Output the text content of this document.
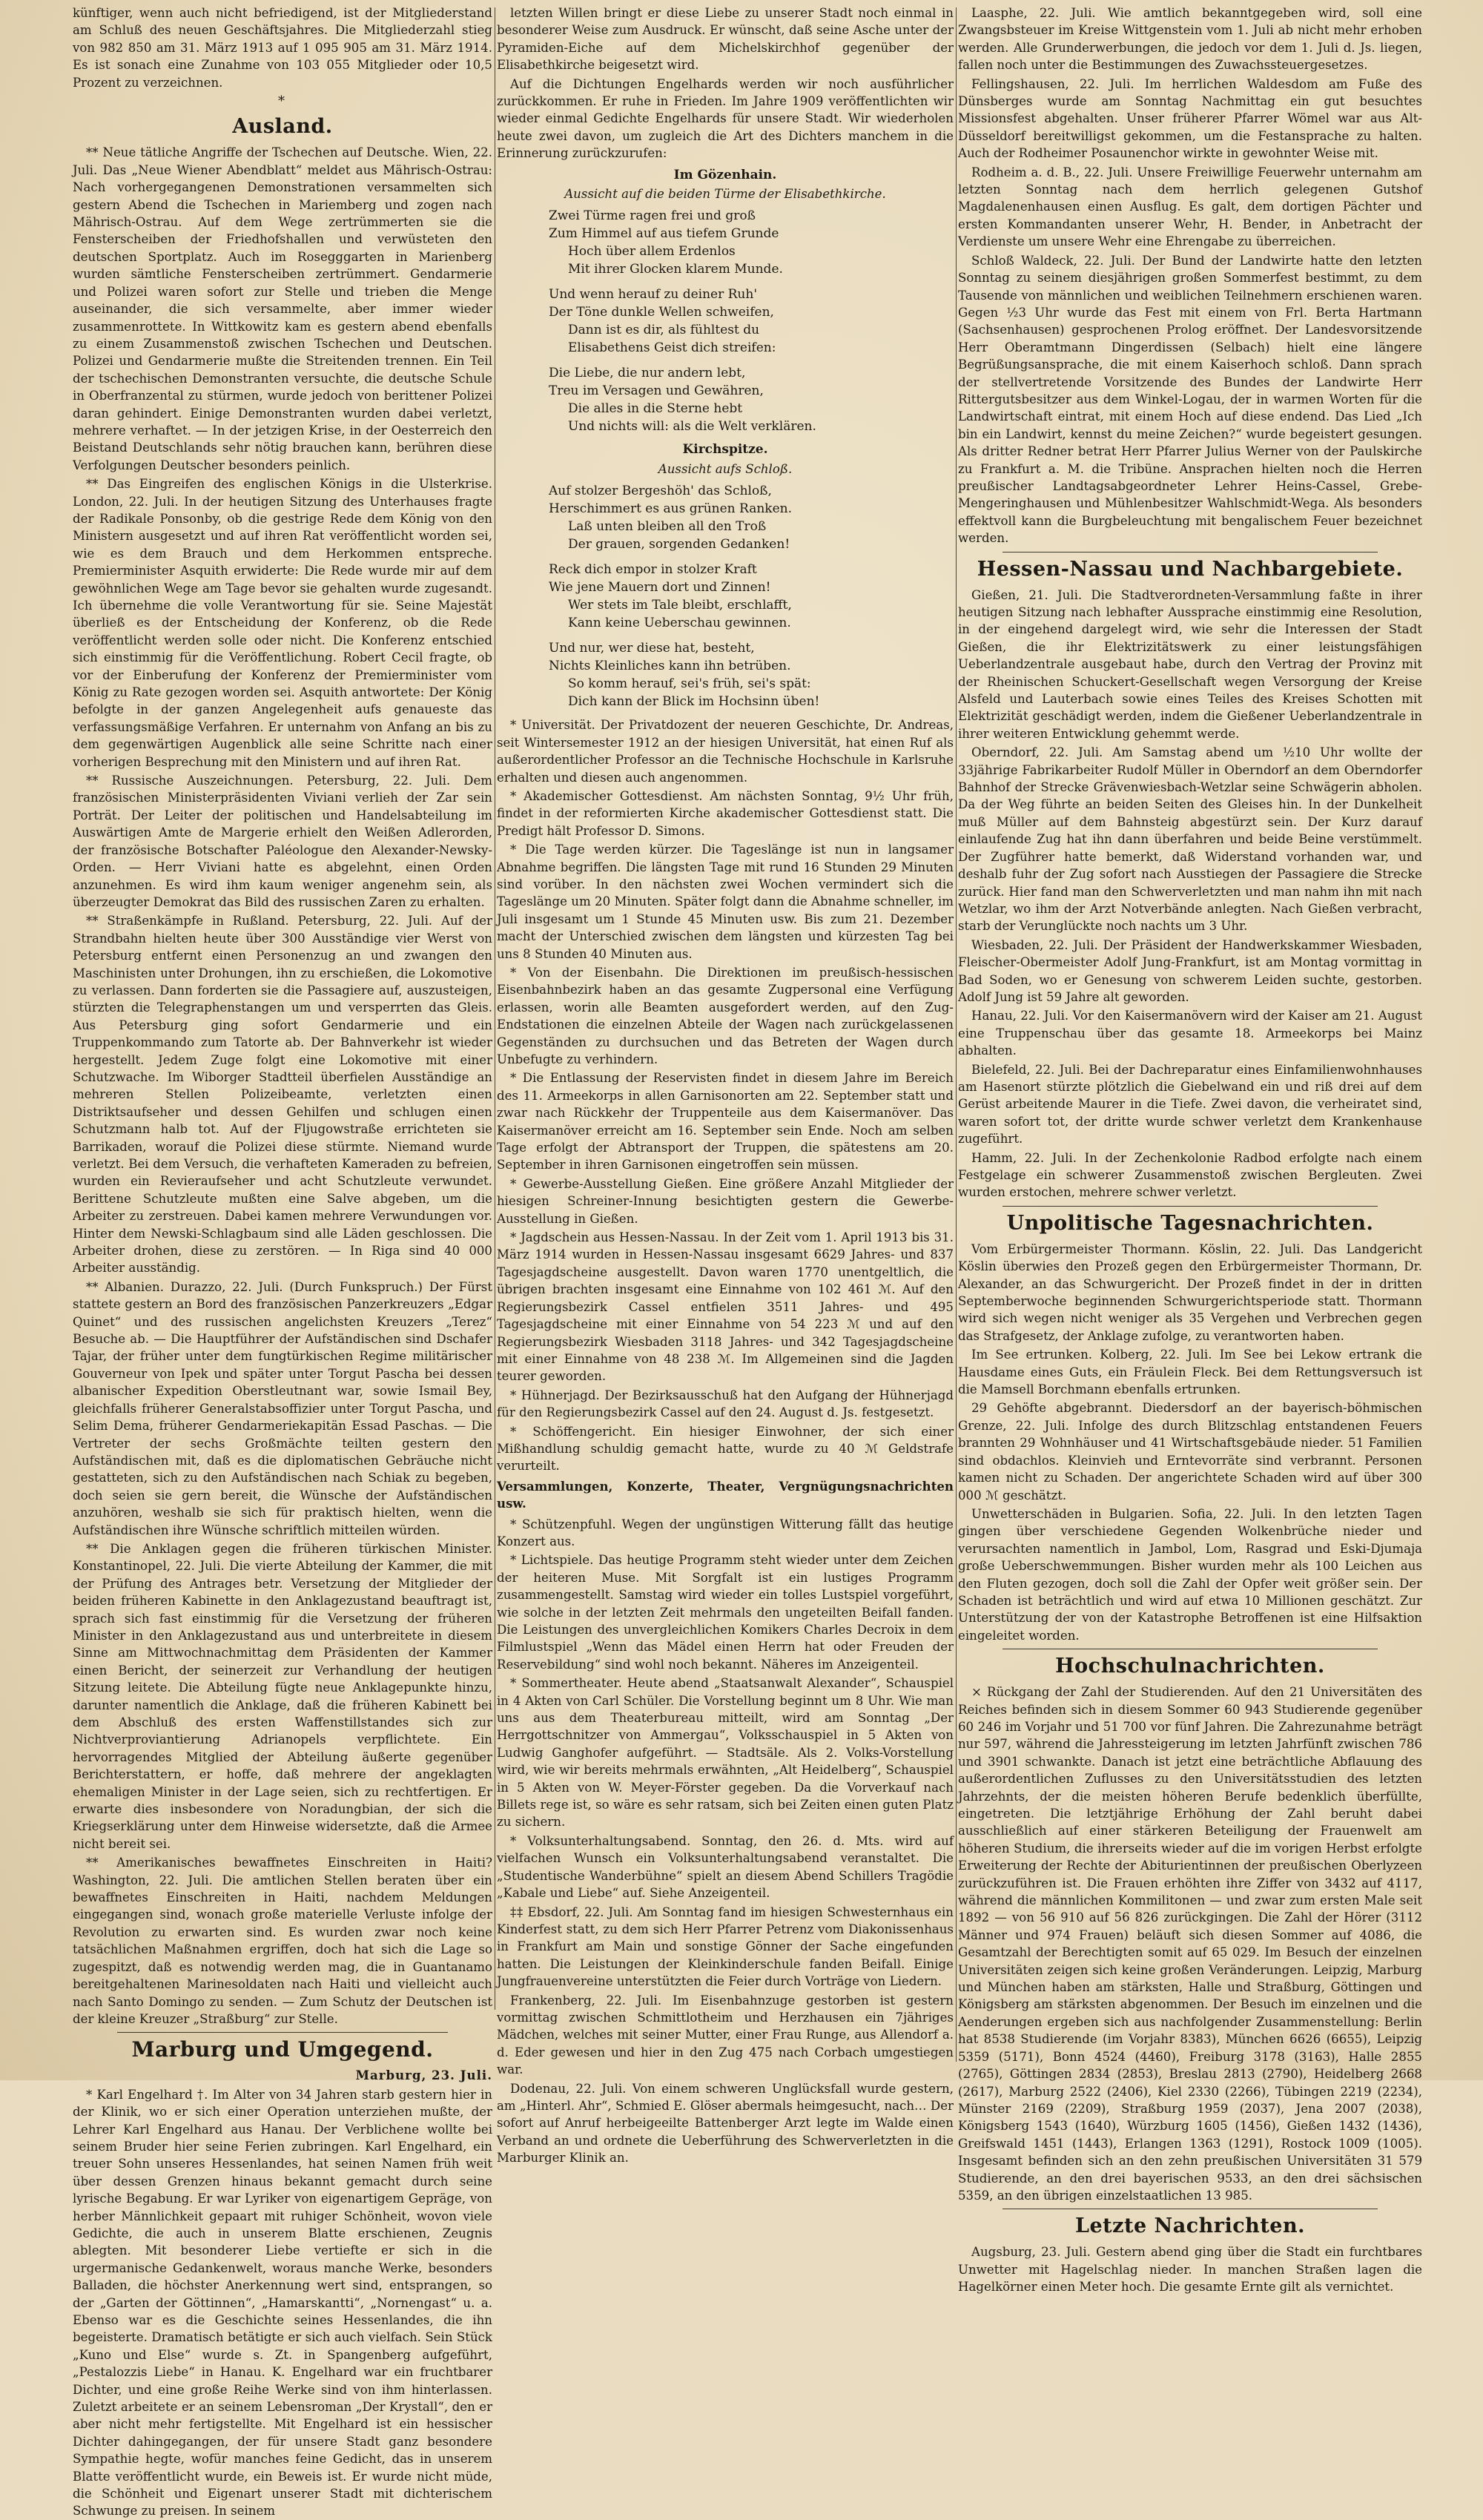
künftiger, wenn auch nicht befriedigend, ist der Mitgliederstand am Schluß des neuen Geschäftsjahres. Die Mitgliederzahl stieg von 982 850 am 31. März 1913 auf 1 095 905 am 31. März 1914. Es ist sonach eine Zunahme von 103 055 Mitglieder oder 10,5 Prozent zu verzeichnen.

*
Ausland.

** Neue tätliche Angriffe der Tschechen auf Deutsche. Wien, 22. Juli. Das „Neue Wiener Abendblatt“ meldet aus Mährisch-Ostrau: Nach vorhergegangenen Demonstrationen versammelten sich gestern Abend die Tschechen in Mariemberg und zogen nach Mährisch-Ostrau. Auf dem Wege zertrümmerten sie die Fensterscheiben der Friedhofshallen und verwüsteten den deutschen Sportplatz. Auch im Rosegggarten in Marienberg wurden sämtliche Fensterscheiben zertrümmert. Gendarmerie und Polizei waren sofort zur Stelle und trieben die Menge auseinander, die sich versammelte, aber immer wieder zusammenrottete. In Wittkowitz kam es gestern abend ebenfalls zu einem Zusammenstoß zwischen Tschechen und Deutschen. Polizei und Gendarmerie mußte die Streitenden trennen. Ein Teil der tschechischen Demonstranten versuchte, die deutsche Schule in Oberfranzental zu stürmen, wurde jedoch von berittener Polizei daran gehindert. Einige Demonstranten wurden dabei verletzt, mehrere verhaftet. — In der jetzigen Krise, in der Oesterreich den Beistand Deutschlands sehr nötig brauchen kann, berühren diese Verfolgungen Deutscher besonders peinlich.

** Das Eingreifen des englischen Königs in die Ulsterkrise. London, 22. Juli. In der heutigen Sitzung des Unterhauses fragte der Radikale Ponsonby, ob die gestrige Rede dem König von den Ministern ausgesetzt und auf ihren Rat veröffentlicht worden sei, wie es dem Brauch und dem Herkommen entspreche. Premierminister Asquith erwiderte: Die Rede wurde mir auf dem gewöhnlichen Wege am Tage bevor sie gehalten wurde zugesandt. Ich übernehme die volle Verantwortung für sie. Seine Majestät überließ es der Entscheidung der Konferenz, ob die Rede veröffentlicht werden solle oder nicht. Die Konferenz entschied sich einstimmig für die Veröffentlichung. Robert Cecil fragte, ob vor der Einberufung der Konferenz der Premierminister vom König zu Rate gezogen worden sei. Asquith antwortete: Der König befolgte in der ganzen Angelegenheit aufs genaueste das verfassungsmäßige Verfahren. Er unternahm von Anfang an bis zu dem gegenwärtigen Augenblick alle seine Schritte nach einer vorherigen Besprechung mit den Ministern und auf ihren Rat.

** Russische Auszeichnungen. Petersburg, 22. Juli. Dem französischen Ministerpräsidenten Viviani verlieh der Zar sein Porträt. Der Leiter der politischen und Handelsabteilung im Auswärtigen Amte de Margerie erhielt den Weißen Adlerorden, der französische Botschafter Paléologue den Alexander-Newsky-Orden. — Herr Viviani hatte es abgelehnt, einen Orden anzunehmen. Es wird ihm kaum weniger angenehm sein, als überzeugter Demokrat das Bild des russischen Zaren zu erhalten.

** Straßenkämpfe in Rußland. Petersburg, 22. Juli. Auf der Strandbahn hielten heute über 300 Ausständige vier Werst von Petersburg entfernt einen Personenzug an und zwangen den Maschinisten unter Drohungen, ihn zu erschießen, die Lokomotive zu verlassen. Dann forderten sie die Passagiere auf, auszusteigen, stürzten die Telegraphenstangen um und versperrten das Gleis. Aus Petersburg ging sofort Gendarmerie und ein Truppenkommando zum Tatorte ab. Der Bahnverkehr ist wieder hergestellt. Jedem Zuge folgt eine Lokomotive mit einer Schutzwache. Im Wiborger Stadtteil überfielen Ausständige an mehreren Stellen Polizeibeamte, verletzten einen Distriktsaufseher und dessen Gehilfen und schlugen einen Schutzmann halb tot. Auf der Fljugowstraße errichteten sie Barrikaden, worauf die Polizei diese stürmte. Niemand wurde verletzt. Bei dem Versuch, die verhafteten Kameraden zu befreien, wurden ein Revieraufseher und acht Schutzleute verwundet. Berittene Schutzleute mußten eine Salve abgeben, um die Arbeiter zu zerstreuen. Dabei kamen mehrere Verwundungen vor. Hinter dem Newski-Schlagbaum sind alle Läden geschlossen. Die Arbeiter drohen, diese zu zerstören. — In Riga sind 40 000 Arbeiter ausständig.

** Albanien. Durazzo, 22. Juli. (Durch Funkspruch.) Der Fürst stattete gestern an Bord des französischen Panzerkreuzers „Edgar Quinet“ und des russischen angelichsten Kreuzers „Terez“ Besuche ab. — Die Hauptführer der Aufständischen sind Dschafer Tajar, der früher unter dem fungtürkischen Regime militärischer Gouverneur von Ipek und später unter Torgut Pascha bei dessen albanischer Expedition Oberstleutnant war, sowie Ismail Bey, gleichfalls früherer Generalstabsoffizier unter Torgut Pascha, und Selim Dema, früherer Gendarmeriekapitän Essad Paschas. — Die Vertreter der sechs Großmächte teilten gestern den Aufständischen mit, daß es die diplomatischen Gebräuche nicht gestatteten, sich zu den Aufständischen nach Schiak zu begeben, doch seien sie gern bereit, die Wünsche der Aufständischen anzuhören, weshalb sie sich für praktisch hielten, wenn die Aufständischen ihre Wünsche schriftlich mitteilen würden.

** Die Anklagen gegen die früheren türkischen Minister. Konstantinopel, 22. Juli. Die vierte Abteilung der Kammer, die mit der Prüfung des Antrages betr. Versetzung der Mitglieder der beiden früheren Kabinette in den Anklagezustand beauftragt ist, sprach sich fast einstimmig für die Versetzung der früheren Minister in den Anklagezustand aus und unterbreitete in diesem Sinne am Mittwochnachmittag dem Präsidenten der Kammer einen Bericht, der seinerzeit zur Verhandlung der heutigen Sitzung leitete. Die Abteilung fügte neue Anklagepunkte hinzu, darunter namentlich die Anklage, daß die früheren Kabinett bei dem Abschluß des ersten Waffenstillstandes sich zur Nichtverproviantierung Adrianopels verpflichtete. Ein hervorragendes Mitglied der Abteilung äußerte gegenüber Berichterstattern, er hoffe, daß mehrere der angeklagten ehemaligen Minister in der Lage seien, sich zu rechtfertigen. Er erwarte dies insbesondere von Noradungbian, der sich die Kriegserklärung unter dem Hinweise widersetzte, daß die Armee nicht bereit sei.

** Amerikanisches bewaffnetes Einschreiten in Haiti? Washington, 22. Juli. Die amtlichen Stellen beraten über ein bewaffnetes Einschreiten in Haiti, nachdem Meldungen eingegangen sind, wonach große materielle Verluste infolge der Revolution zu erwarten sind. Es wurden zwar noch keine tatsächlichen Maßnahmen ergriffen, doch hat sich die Lage so zugespitzt, daß es notwendig werden mag, die in Guantanamo bereitgehaltenen Marinesoldaten nach Haiti und vielleicht auch nach Santo Domingo zu senden. — Zum Schutz der Deutschen ist der kleine Kreuzer „Straßburg“ zur Stelle.

Marburg und Umgegend.
Marburg, 23. Juli.

* Karl Engelhard †. Im Alter von 34 Jahren starb gestern hier in der Klinik, wo er sich einer Operation unterziehen mußte, der Lehrer Karl Engelhard aus Hanau. Der Verblichene wollte bei seinem Bruder hier seine Ferien zubringen. Karl Engelhard, ein treuer Sohn unseres Hessenlandes, hat seinen Namen früh weit über dessen Grenzen hinaus bekannt gemacht durch seine lyrische Begabung. Er war Lyriker von eigenartigem Gepräge, von herber Männlichkeit gepaart mit ruhiger Schönheit, wovon viele Gedichte, die auch in unserem Blatte erschienen, Zeugnis ablegten. Mit besonderer Liebe vertiefte er sich in die urgermanische Gedankenwelt, woraus manche Werke, besonders Balladen, die höchster Anerkennung wert sind, entsprangen, so der „Garten der Göttinnen“, „Hamarskantti“, „Nornengast“ u. a. Ebenso war es die Geschichte seines Hessenlandes, die ihn begeisterte. Dramatisch betätigte er sich auch vielfach. Sein Stück „Kuno und Else“ wurde s. Zt. in Spangenberg aufgeführt, „Pestalozzis Liebe“ in Hanau. K. Engelhard war ein fruchtbarer Dichter, und eine große Reihe Werke sind von ihm hinterlassen. Zuletzt arbeitete er an seinem Lebensroman „Der Krystall“, den er aber nicht mehr fertigstellte. Mit Engelhard ist ein hessischer Dichter dahingegangen, der für unsere Stadt ganz besondere Sympathie hegte, wofür manches feine Gedicht, das in unserem Blatte veröffentlicht wurde, ein Beweis ist. Er wurde nicht müde, die Schönheit und Eigenart unserer Stadt mit dichterischem Schwunge zu preisen. In seinem

letzten Willen bringt er diese Liebe zu unserer Stadt noch einmal in besonderer Weise zum Ausdruck. Er wünscht, daß seine Asche unter der Pyramiden-Eiche auf dem Michelskirchhof gegenüber der Elisabethkirche beigesetzt wird.

Auf die Dichtungen Engelhards werden wir noch ausführlicher zurückkommen. Er ruhe in Frieden. Im Jahre 1909 veröffentlichten wir wieder einmal Gedichte Engelhards für unsere Stadt. Wir wiederholen heute zwei davon, um zugleich die Art des Dichters manchem in die Erinnerung zurückzurufen:

Im Gözenhain.
Aussicht auf die beiden Türme der Elisabethkirche.
Zwei Türme ragen frei und groß
Zum Himmel auf aus tiefem Grunde
Hoch über allem Erdenlos
Mit ihrer Glocken klarem Munde.
Und wenn herauf zu deiner Ruh'
Der Töne dunkle Wellen schweifen,
Dann ist es dir, als fühltest du
Elisabethens Geist dich streifen:
Die Liebe, die nur andern lebt,
Treu im Versagen und Gewähren,
Die alles in die Sterne hebt
Und nichts will: als die Welt verklären.
Kirchspitze.
Aussicht aufs Schloß.
Auf stolzer Bergeshöh' das Schloß,
Herschimmert es aus grünen Ranken.
Laß unten bleiben all den Troß
Der grauen, sorgenden Gedanken!
Reck dich empor in stolzer Kraft
Wie jene Mauern dort und Zinnen!
Wer stets im Tale bleibt, erschlafft,
Kann keine Ueberschau gewinnen.
Und nur, wer diese hat, besteht,
Nichts Kleinliches kann ihn betrüben.
So komm herauf, sei's früh, sei's spät:
Dich kann der Blick im Hochsinn üben!

* Universität. Der Privatdozent der neueren Geschichte, Dr. Andreas, seit Wintersemester 1912 an der hiesigen Universität, hat einen Ruf als außerordentlicher Professor an die Technische Hochschule in Karlsruhe erhalten und diesen auch angenommen.

* Akademischer Gottesdienst. Am nächsten Sonntag, 9½ Uhr früh, findet in der reformierten Kirche akademischer Gottesdienst statt. Die Predigt hält Professor D. Simons.

* Die Tage werden kürzer. Die Tageslänge ist nun in langsamer Abnahme begriffen. Die längsten Tage mit rund 16 Stunden 29 Minuten sind vorüber. In den nächsten zwei Wochen vermindert sich die Tageslänge um 20 Minuten. Später folgt dann die Abnahme schneller, im Juli insgesamt um 1 Stunde 45 Minuten usw. Bis zum 21. Dezember macht der Unterschied zwischen dem längsten und kürzesten Tag bei uns 8 Stunden 40 Minuten aus.

* Von der Eisenbahn. Die Direktionen im preußisch-hessischen Eisenbahnbezirk haben an das gesamte Zugpersonal eine Verfügung erlassen, worin alle Beamten ausgefordert werden, auf den Zug-Endstationen die einzelnen Abteile der Wagen nach zurückgelassenen Gegenständen zu durchsuchen und das Betreten der Wagen durch Unbefugte zu verhindern.

* Die Entlassung der Reservisten findet in diesem Jahre im Bereich des 11. Armeekorps in allen Garnisonorten am 22. September statt und zwar nach Rückkehr der Truppenteile aus dem Kaisermanöver. Das Kaisermanöver erreicht am 16. September sein Ende. Noch am selben Tage erfolgt der Abtransport der Truppen, die spätestens am 20. September in ihren Garnisonen eingetroffen sein müssen.

* Gewerbe-Ausstellung Gießen. Eine größere Anzahl Mitglieder der hiesigen Schreiner-Innung besichtigten gestern die Gewerbe-Ausstellung in Gießen.

* Jagdschein aus Hessen-Nassau. In der Zeit vom 1. April 1913 bis 31. März 1914 wurden in Hessen-Nassau insgesamt 6629 Jahres- und 837 Tagesjagdscheine ausgestellt. Davon waren 1770 unentgeltlich, die übrigen brachten insgesamt eine Einnahme von 102 461 ℳ. Auf den Regierungsbezirk Cassel entfielen 3511 Jahres- und 495 Tagesjagdscheine mit einer Einnahme von 54 223 ℳ und auf den Regierungsbezirk Wiesbaden 3118 Jahres- und 342 Tagesjagdscheine mit einer Einnahme von 48 238 ℳ. Im Allgemeinen sind die Jagden teurer geworden.

* Hühnerjagd. Der Bezirksausschuß hat den Aufgang der Hühnerjagd für den Regierungsbezirk Cassel auf den 24. August d. Js. festgesetzt.

* Schöffengericht. Ein hiesiger Einwohner, der sich einer Mißhandlung schuldig gemacht hatte, wurde zu 40 ℳ Geldstrafe verurteilt.

Versammlungen, Konzerte, Theater, Vergnügungsnachrichten usw.

* Schützenpfuhl. Wegen der ungünstigen Witterung fällt das heutige Konzert aus.

* Lichtspiele. Das heutige Programm steht wieder unter dem Zeichen der heiteren Muse. Mit Sorgfalt ist ein lustiges Programm zusammengestellt. Samstag wird wieder ein tolles Lustspiel vorgeführt, wie solche in der letzten Zeit mehrmals den ungeteilten Beifall fanden. Die Leistungen des unvergleichlichen Komikers Charles Decroix in dem Filmlustspiel „Wenn das Mädel einen Herrn hat oder Freuden der Reservebildung“ sind wohl noch bekannt. Näheres im Anzeigenteil.

* Sommertheater. Heute abend „Staatsanwalt Alexander“, Schauspiel in 4 Akten von Carl Schüler. Die Vorstellung beginnt um 8 Uhr. Wie man uns aus dem Theaterbureau mitteilt, wird am Sonntag „Der Herrgottschnitzer von Ammergau“, Volksschauspiel in 5 Akten von Ludwig Ganghofer aufgeführt. — Stadtsäle. Als 2. Volks-Vorstellung wird, wie wir bereits mehrmals erwähnten, „Alt Heidelberg“, Schauspiel in 5 Akten von W. Meyer-Förster gegeben. Da die Vorverkauf nach Billets rege ist, so wäre es sehr ratsam, sich bei Zeiten einen guten Platz zu sichern.

* Volksunterhaltungsabend. Sonntag, den 26. d. Mts. wird auf vielfachen Wunsch ein Volksunterhaltungsabend veranstaltet. Die „Studentische Wanderbühne“ spielt an diesem Abend Schillers Tragödie „Kabale und Liebe“ auf. Siehe Anzeigenteil.

‡‡ Ebsdorf, 22. Juli. Am Sonntag fand im hiesigen Schwesternhaus ein Kinderfest statt, zu dem sich Herr Pfarrer Petrenz vom Diakonissenhaus in Frankfurt am Main und sonstige Gönner der Sache eingefunden hatten. Die Leistungen der Kleinkinderschule fanden Beifall. Einige Jungfrauenvereine unterstützten die Feier durch Vorträge von Liedern.

Frankenberg, 22. Juli. Im Eisenbahnzuge gestorben ist gestern vormittag zwischen Schmittlotheim und Herzhausen ein 7jähriges Mädchen, welches mit seiner Mutter, einer Frau Runge, aus Allendorf a. d. Eder gewesen und hier in den Zug 475 nach Corbach umgestiegen war.

Dodenau, 22. Juli. Von einem schweren Unglücksfall wurde gestern, am „Hinterl. Ahr“, Schmied E. Glöser abermals heimgesucht, nach… Der sofort auf Anruf herbeigeeilte Battenberger Arzt legte im Walde einen Verband an und ordnete die Ueberführung des Schwerverletzten in die Marburger Klinik an.

Laasphe, 22. Juli. Wie amtlich bekanntgegeben wird, soll eine Zwangsbsteuer im Kreise Wittgenstein vom 1. Juli ab nicht mehr erhoben werden. Alle Grunderwerbungen, die jedoch vor dem 1. Juli d. Js. liegen, fallen noch unter die Bestimmungen des Zuwachssteuergesetzes.

Fellingshausen, 22. Juli. Im herrlichen Waldesdom am Fuße des Dünsberges wurde am Sonntag Nachmittag ein gut besuchtes Missionsfest abgehalten. Unser früherer Pfarrer Wömel war aus Alt-Düsseldorf bereitwilligst gekommen, um die Festansprache zu halten. Auch der Rodheimer Posaunenchor wirkte in gewohnter Weise mit.

Rodheim a. d. B., 22. Juli. Unsere Freiwillige Feuerwehr unternahm am letzten Sonntag nach dem herrlich gelegenen Gutshof Magdalenenhausen einen Ausflug. Es galt, dem dortigen Pächter und ersten Kommandanten unserer Wehr, H. Bender, in Anbetracht der Verdienste um unsere Wehr eine Ehrengabe zu überreichen.

Schloß Waldeck, 22. Juli. Der Bund der Landwirte hatte den letzten Sonntag zu seinem diesjährigen großen Sommerfest bestimmt, zu dem Tausende von männlichen und weiblichen Teilnehmern erschienen waren. Gegen ½3 Uhr wurde das Fest mit einem von Frl. Berta Hartmann (Sachsenhausen) gesprochenen Prolog eröffnet. Der Landesvorsitzende Herr Oberamtmann Dingerdissen (Selbach) hielt eine längere Begrüßungsansprache, die mit einem Kaiserhoch schloß. Dann sprach der stellvertretende Vorsitzende des Bundes der Landwirte Herr Rittergutsbesitzer aus dem Winkel-Logau, der in warmen Worten für die Landwirtschaft eintrat, mit einem Hoch auf diese endend. Das Lied „Ich bin ein Landwirt, kennst du meine Zeichen?“ wurde begeistert gesungen. Als dritter Redner betrat Herr Pfarrer Julius Werner von der Paulskirche zu Frankfurt a. M. die Tribüne. Ansprachen hielten noch die Herren preußischer Landtagsabgeordneter Lehrer Heins-Cassel, Grebe-Mengeringhausen und Mühlenbesitzer Wahlschmidt-Wega. Als besonders effektvoll kann die Burgbeleuchtung mit bengalischem Feuer bezeichnet werden.

Hessen-Nassau und Nachbargebiete.

Gießen, 21. Juli. Die Stadtverordneten-Versammlung faßte in ihrer heutigen Sitzung nach lebhafter Aussprache einstimmig eine Resolution, in der eingehend dargelegt wird, wie sehr die Interessen der Stadt Gießen, die ihr Elektrizitätswerk zu einer leistungsfähigen Ueberlandzentrale ausgebaut habe, durch den Vertrag der Provinz mit der Rheinischen Schuckert-Gesellschaft wegen Versorgung der Kreise Alsfeld und Lauterbach sowie eines Teiles des Kreises Schotten mit Elektrizität geschädigt werden, indem die Gießener Ueberlandzentrale in ihrer weiteren Entwicklung gehemmt werde.

Oberndorf, 22. Juli. Am Samstag abend um ½10 Uhr wollte der 33jährige Fabrikarbeiter Rudolf Müller in Oberndorf an dem Oberndorfer Bahnhof der Strecke Grävenwiesbach-Wetzlar seine Schwägerin abholen. Da der Weg führte an beiden Seiten des Gleises hin. In der Dunkelheit muß Müller auf dem Bahnsteig abgestürzt sein. Der Kurz darauf einlaufende Zug hat ihn dann überfahren und beide Beine verstümmelt. Der Zugführer hatte bemerkt, daß Widerstand vorhanden war, und deshalb fuhr der Zug sofort nach Ausstiegen der Passagiere die Strecke zurück. Hier fand man den Schwerverletzten und man nahm ihn mit nach Wetzlar, wo ihm der Arzt Notverbände anlegten. Nach Gießen verbracht, starb der Verunglückte noch nachts um 3 Uhr.

Wiesbaden, 22. Juli. Der Präsident der Handwerkskammer Wiesbaden, Fleischer-Obermeister Adolf Jung-Frankfurt, ist am Montag vormittag in Bad Soden, wo er Genesung von schwerem Leiden suchte, gestorben. Adolf Jung ist 59 Jahre alt geworden.

Hanau, 22. Juli. Vor den Kaisermanövern wird der Kaiser am 21. August eine Truppenschau über das gesamte 18. Armeekorps bei Mainz abhalten.

Bielefeld, 22. Juli. Bei der Dachreparatur eines Einfamilienwohnhauses am Hasenort stürzte plötzlich die Giebelwand ein und riß drei auf dem Gerüst arbeitende Maurer in die Tiefe. Zwei davon, die verheiratet sind, waren sofort tot, der dritte wurde schwer verletzt dem Krankenhause zugeführt.

Hamm, 22. Juli. In der Zechenkolonie Radbod erfolgte nach einem Festgelage ein schwerer Zusammenstoß zwischen Bergleuten. Zwei wurden erstochen, mehrere schwer verletzt.

Unpolitische Tagesnachrichten.

Vom Erbürgermeister Thormann. Köslin, 22. Juli. Das Landgericht Köslin überwies den Prozeß gegen den Erbürgermeister Thormann, Dr. Alexander, an das Schwurgericht. Der Prozeß findet in der in dritten Septemberwoche beginnenden Schwurgerichtsperiode statt. Thormann wird sich wegen nicht weniger als 35 Vergehen und Verbrechen gegen das Strafgesetz, der Anklage zufolge, zu verantworten haben.

Im See ertrunken. Kolberg, 22. Juli. Im See bei Lekow ertrank die Hausdame eines Guts, ein Fräulein Fleck. Bei dem Rettungsversuch ist die Mamsell Borchmann ebenfalls ertrunken.

29 Gehöfte abgebrannt. Diedersdorf an der bayerisch-böhmischen Grenze, 22. Juli. Infolge des durch Blitzschlag entstandenen Feuers brannten 29 Wohnhäuser und 41 Wirtschaftsgebäude nieder. 51 Familien sind obdachlos. Kleinvieh und Erntevorräte sind verbrannt. Personen kamen nicht zu Schaden. Der angerichtete Schaden wird auf über 300 000 ℳ geschätzt.

Unwetterschäden in Bulgarien. Sofia, 22. Juli. In den letzten Tagen gingen über verschiedene Gegenden Wolkenbrüche nieder und verursachten namentlich in Jambol, Lom, Rasgrad und Eski-Djumaja große Ueberschwemmungen. Bisher wurden mehr als 100 Leichen aus den Fluten gezogen, doch soll die Zahl der Opfer weit größer sein. Der Schaden ist beträchtlich und wird auf etwa 10 Millionen geschätzt. Zur Unterstützung der von der Katastrophe Betroffenen ist eine Hilfsaktion eingeleitet worden.

Hochschulnachrichten.

× Rückgang der Zahl der Studierenden. Auf den 21 Universitäten des Reiches befinden sich in diesem Sommer 60 943 Studierende gegenüber 60 246 im Vorjahr und 51 700 vor fünf Jahren. Die Zahrezunahme beträgt nur 597, während die Jahressteigerung im letzten Jahrfünft zwischen 786 und 3901 schwankte. Danach ist jetzt eine beträchtliche Abflauung des außerordentlichen Zuflusses zu den Universitätsstudien des letzten Jahrzehnts, der die meisten höheren Berufe bedenklich überfüllte, eingetreten. Die letztjährige Erhöhung der Zahl beruht dabei ausschließlich auf einer stärkeren Beteiligung der Frauenwelt am höheren Studium, die ihrerseits wieder auf die im vorigen Herbst erfolgte Erweiterung der Rechte der Abiturientinnen der preußischen Oberlyzeen zurückzuführen ist. Die Frauen erhöhten ihre Ziffer von 3432 auf 4117, während die männlichen Kommilitonen — und zwar zum ersten Male seit 1892 — von 56 910 auf 56 826 zurückgingen. Die Zahl der Hörer (3112 Männer und 974 Frauen) beläuft sich diesen Sommer auf 4086, die Gesamtzahl der Berechtigten somit auf 65 029. Im Besuch der einzelnen Universitäten zeigen sich keine großen Veränderungen. Leipzig, Marburg und München haben am stärksten, Halle und Straßburg, Göttingen und Königsberg am stärksten abgenommen. Der Besuch im einzelnen und die Aenderungen ergeben sich aus nachfolgender Zusammenstellung: Berlin hat 8538 Studierende (im Vorjahr 8383), München 6626 (6655), Leipzig 5359 (5171), Bonn 4524 (4460), Freiburg 3178 (3163), Halle 2855 (2765), Göttingen 2834 (2853), Breslau 2813 (2790), Heidelberg 2668 (2617), Marburg 2522 (2406), Kiel 2330 (2266), Tübingen 2219 (2234), Münster 2169 (2209), Straßburg 1959 (2037), Jena 2007 (2038), Königsberg 1543 (1640), Würzburg 1605 (1456), Gießen 1432 (1436), Greifswald 1451 (1443), Erlangen 1363 (1291), Rostock 1009 (1005). Insgesamt befinden sich an den zehn preußischen Universitäten 31 579 Studierende, an den drei bayerischen 9533, an den drei sächsischen 5359, an den übrigen einzelstaatlichen 13 985.

Letzte Nachrichten.

Augsburg, 23. Juli. Gestern abend ging über die Stadt ein furchtbares Unwetter mit Hagelschlag nieder. In manchen Straßen lagen die Hagelkörner einen Meter hoch. Die gesamte Ernte gilt als vernichtet.
